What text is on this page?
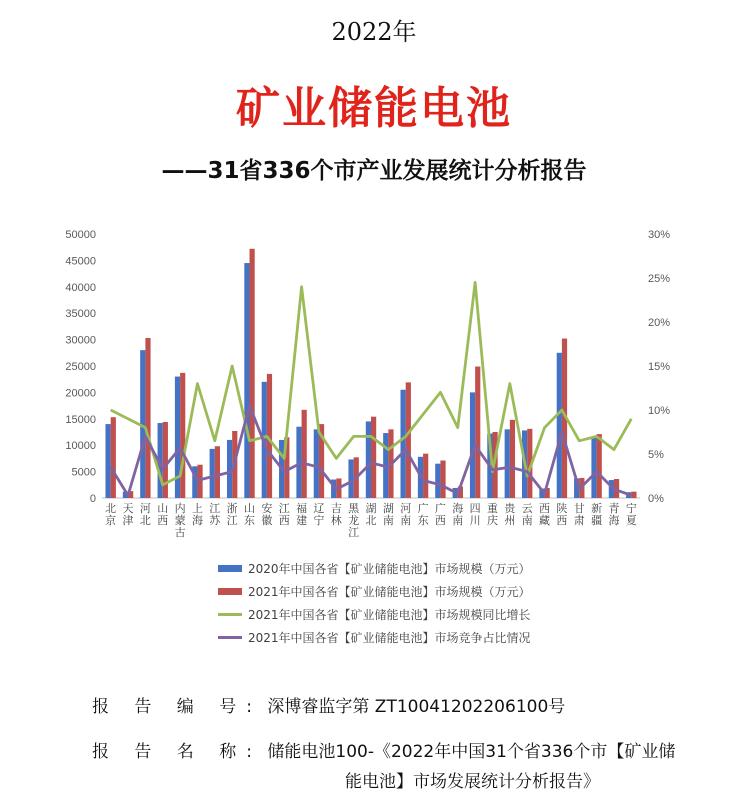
2022年
矿业储能电池
——31省336个市产业发展统计分析报告
0
5000
10000
15000
20000
25000
30000
35000
40000
45000
50000
0%
5%
10%
15%
20%
25%
30%
北京
天津
河北
山西
内蒙古
上海
江苏
浙江
山东
安徽
江西
福建
辽宁
吉林
黑龙江
湖北
湖南
河南
广东
广西
海南
四川
重庆
贵州
云南
西藏
陕西
甘肃
新疆
青海
宁夏
2020年中国各省【矿业储能电池】市场规模（万元）
2021年中国各省【矿业储能电池】市场规模（万元）
2021年中国各省【矿业储能电池】市场规模同比增长
2021年中国各省【矿业储能电池】市场竞争占比情况
报 告 编 号: 深博睿监字第 ZT10041202206100号
报 告 名 称: 储能电池100-《2022年中国31个省336个市【矿业储
能电池】市场发展统计分析报告》
